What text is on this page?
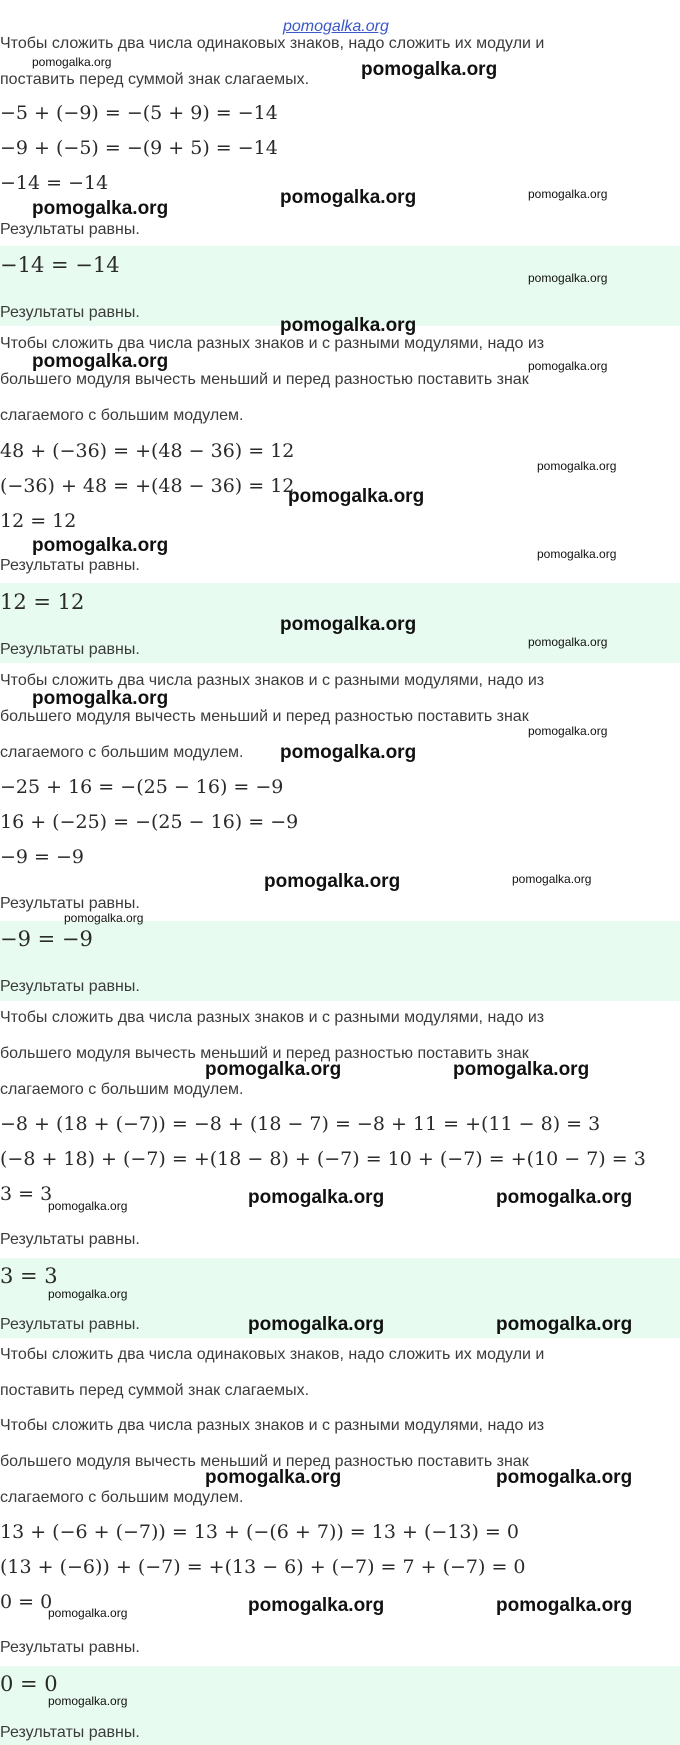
pomogalka.org

Чтобы сложить два числа одинаковых знаков, надо сложить их модули и

поставить перед суммой знак слагаемых.

−5 + (−9) = −(5 + 9) = −14

−9 + (−5) = −(9 + 5) = −14

−14 = −14

Результаты равны.

−14 = −14

Результаты равны.

Чтобы сложить два числа разных знаков и с разными модулями, надо из

большего модуля вычесть меньший и перед разностью поставить знак

слагаемого с большим модулем.

48 + (−36) = +(48 − 36) = 12

(−36) + 48 = +(48 − 36) = 12

12 = 12

Результаты равны.

12 = 12

Результаты равны.

Чтобы сложить два числа разных знаков и с разными модулями, надо из

большего модуля вычесть меньший и перед разностью поставить знак

слагаемого с большим модулем.

−25 + 16 = −(25 − 16) = −9

16 + (−25) = −(25 − 16) = −9

−9 = −9

Результаты равны.

−9 = −9

Результаты равны.

Чтобы сложить два числа разных знаков и с разными модулями, надо из

большего модуля вычесть меньший и перед разностью поставить знак

слагаемого с большим модулем.

−8 + (18 + (−7)) = −8 + (18 − 7) = −8 + 11 = +(11 − 8) = 3

(−8 + 18) + (−7) = +(18 − 8) + (−7) = 10 + (−7) = +(10 − 7) = 3

3 = 3

Результаты равны.

3 = 3

Результаты равны.

Чтобы сложить два числа одинаковых знаков, надо сложить их модули и

поставить перед суммой знак слагаемых.

Чтобы сложить два числа разных знаков и с разными модулями, надо из

большего модуля вычесть меньший и перед разностью поставить знак

слагаемого с большим модулем.

13 + (−6 + (−7)) = 13 + (−(6 + 7)) = 13 + (−13) = 0

(13 + (−6)) + (−7) = +(13 − 6) + (−7) = 7 + (−7) = 0

0 = 0

Результаты равны.

0 = 0

Результаты равны.

pomogalka.org	pomogalka.org

pomogalka.org

pomogalka.org	pomogalka.org

pomogalka.org

pomogalka.org

pomogalka.org	pomogalka.org

pomogalka.org

pomogalka.org

pomogalka.org	pomogalka.org

pomogalka.org

pomogalka.org

pomogalka.org

pomogalka.org

pomogalka.org

pomogalka.org	pomogalka.org

pomogalka.org

pomogalka.org	pomogalka.org

pomogalka.org	pomogalka.org	pomogalka.org

pomogalka.org

pomogalka.org	pomogalka.org

pomogalka.org	pomogalka.org

pomogalka.org	pomogalka.org	pomogalka.org

pomogalka.org
